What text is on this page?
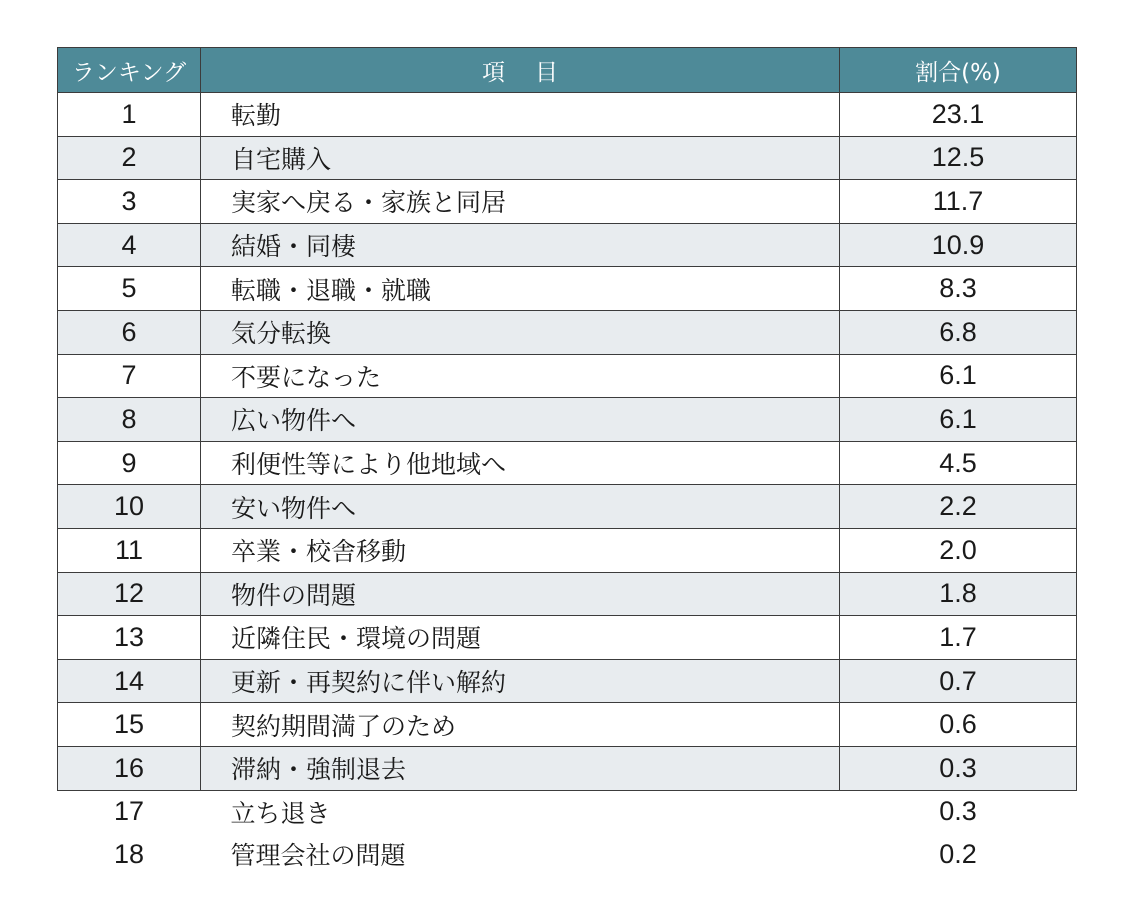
ランキング	項目	割合(%)
1	転勤	23.1
2	自宅購入	12.5
3	実家へ戻る・家族と同居	11.7
4	結婚・同棲	10.9
5	転職・退職・就職	8.3
6	気分転換	6.8
7	不要になった	6.1
8	広い物件へ	6.1
9	利便性等により他地域へ	4.5
10	安い物件へ	2.2
11	卒業・校舎移動	2.0
12	物件の問題	1.8
13	近隣住民・環境の問題	1.7
14	更新・再契約に伴い解約	0.7
15	契約期間満了のため	0.6
16	滞納・強制退去	0.3
17	立ち退き	0.3
18	管理会社の問題	0.2
